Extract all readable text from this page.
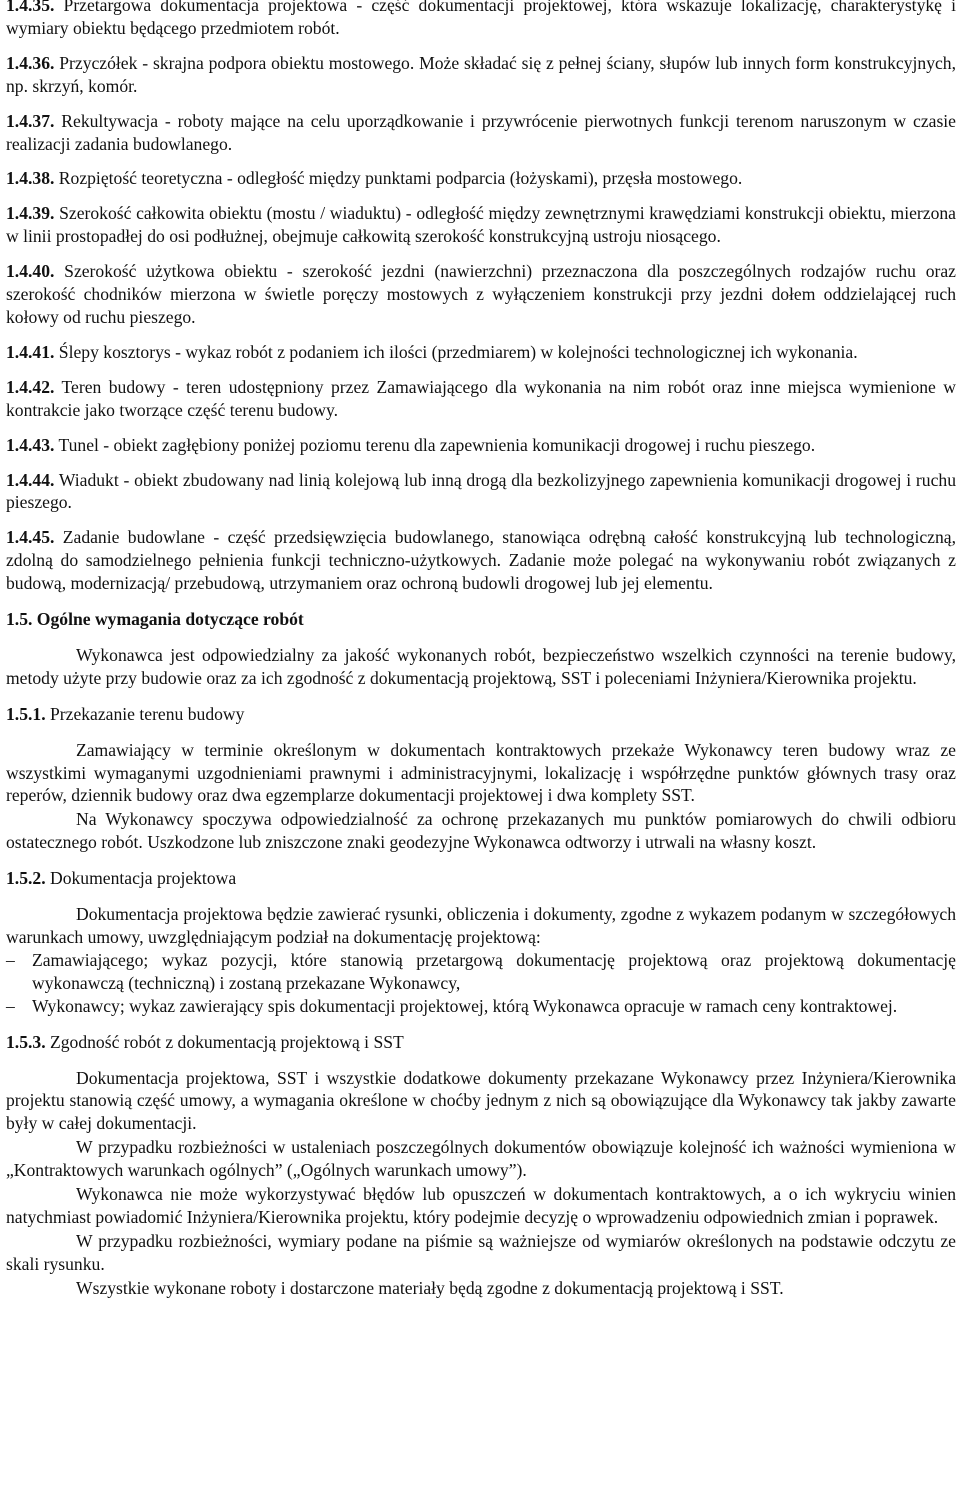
1.4.35. Przetargowa dokumentacja projektowa - część dokumentacji projektowej, która wskazuje lokalizację, charakterystykę i wymiary obiektu będącego przedmiotem robót.

1.4.36. Przyczółek - skrajna podpora obiektu mostowego. Może składać się z pełnej ściany, słupów lub innych form konstrukcyjnych, np. skrzyń, komór.

1.4.37. Rekultywacja - roboty mające na celu uporządkowanie i przywrócenie pierwotnych funkcji terenom naruszonym w czasie realizacji zadania budowlanego.

1.4.38. Rozpiętość teoretyczna - odległość między punktami podparcia (łożyskami), przęsła mostowego.

1.4.39. Szerokość całkowita obiektu (mostu / wiaduktu) - odległość między zewnętrznymi krawędziami konstrukcji obiektu, mierzona w linii prostopadłej do osi podłużnej, obejmuje całkowitą szerokość konstrukcyjną ustroju niosącego.

1.4.40. Szerokość użytkowa obiektu - szerokość jezdni (nawierzchni) przeznaczona dla poszczególnych rodzajów ruchu oraz szerokość chodników mierzona w świetle poręczy mostowych z wyłączeniem konstrukcji przy jezdni dołem oddzielającej ruch kołowy od ruchu pieszego.

1.4.41. Ślepy kosztorys - wykaz robót z podaniem ich ilości (przedmiarem) w kolejności technologicznej ich wykonania.

1.4.42. Teren budowy - teren udostępniony przez Zamawiającego dla wykonania na nim robót oraz inne miejsca wymienione w kontrakcie jako tworzące część terenu budowy.

1.4.43. Tunel - obiekt zagłębiony poniżej poziomu terenu dla zapewnienia komunikacji drogowej i ruchu pieszego.

1.4.44. Wiadukt - obiekt zbudowany nad linią kolejową lub inną drogą dla bezkolizyjnego zapewnienia komunikacji drogowej i ruchu pieszego.

1.4.45. Zadanie budowlane - część przedsięwzięcia budowlanego, stanowiąca odrębną całość konstrukcyjną lub technologiczną, zdolną do samodzielnego pełnienia funkcji techniczno-użytkowych. Zadanie może polegać na wykonywaniu robót związanych z budową, modernizacją/ przebudową, utrzymaniem oraz ochroną budowli drogowej lub jej elementu.

1.5. Ogólne wymagania dotyczące robót

Wykonawca jest odpowiedzialny za jakość wykonanych robót, bezpieczeństwo wszelkich czynności na terenie budowy, metody użyte przy budowie oraz za ich zgodność z dokumentacją projektową, SST i poleceniami Inżyniera/Kierownika projektu.

1.5.1. Przekazanie terenu budowy

Zamawiający w terminie określonym w dokumentach kontraktowych przekaże Wykonawcy teren budowy wraz ze wszystkimi wymaganymi uzgodnieniami prawnymi i administracyjnymi, lokalizację i współrzędne punktów głównych trasy oraz reperów, dziennik budowy oraz dwa egzemplarze dokumentacji projektowej i dwa komplety SST.

Na Wykonawcy spoczywa odpowiedzialność za ochronę przekazanych mu punktów pomiarowych do chwili odbioru ostatecznego robót. Uszkodzone lub zniszczone znaki geodezyjne Wykonawca odtworzy i utrwali na własny koszt.

1.5.2. Dokumentacja projektowa

Dokumentacja projektowa będzie zawierać rysunki, obliczenia i dokumenty, zgodne z wykazem podanym w szczegółowych warunkach umowy, uwzględniającym podział na dokumentację projektową:

– Zamawiającego; wykaz pozycji, które stanowią przetargową dokumentację projektową oraz projektową dokumentację wykonawczą (techniczną) i zostaną przekazane Wykonawcy,
– Wykonawcy; wykaz zawierający spis dokumentacji projektowej, którą Wykonawca opracuje w ramach ceny kontraktowej.

1.5.3. Zgodność robót z dokumentacją projektową i SST

Dokumentacja projektowa, SST i wszystkie dodatkowe dokumenty przekazane Wykonawcy przez Inżyniera/Kierownika projektu stanowią część umowy, a wymagania określone w choćby jednym z nich są obowiązujące dla Wykonawcy tak jakby zawarte były w całej dokumentacji.

W przypadku rozbieżności w ustaleniach poszczególnych dokumentów obowiązuje kolejność ich ważności wymieniona w „Kontraktowych warunkach ogólnych” („Ogólnych warunkach umowy”).

Wykonawca nie może wykorzystywać błędów lub opuszczeń w dokumentach kontraktowych, a o ich wykryciu winien natychmiast powiadomić Inżyniera/Kierownika projektu, który podejmie decyzję o wprowadzeniu odpowiednich zmian i poprawek.

W przypadku rozbieżności, wymiary podane na piśmie są ważniejsze od wymiarów określonych na podstawie odczytu ze skali rysunku.

Wszystkie wykonane roboty i dostarczone materiały będą zgodne z dokumentacją projektową i SST.
